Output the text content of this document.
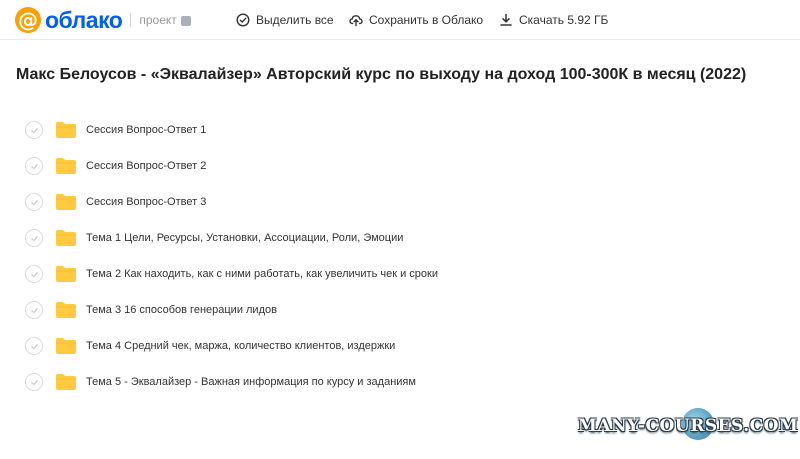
@ облако проект	Выделить все	Сохранить в Облако	Скачать 5.92 ГБ
Макс Белоусов - «Эквалайзер» Авторский курс по выходу на доход 100-300К в месяц (2022)
Сессия Вопрос-Ответ 1
Сессия Вопрос-Ответ 2
Сессия Вопрос-Ответ 3
Тема 1 Цели, Ресурсы, Установки, Ассоциации, Роли, Эмоции
Тема 2 Как находить, как с ними работать, как увеличить чек и сроки
Тема 3 16 способов генерации лидов
Тема 4 Средний чек, маржа, количество клиентов, издержки
Тема 5 - Эквалайзер - Важная информация по курсу и заданиям
MANY-COURSES.COM
